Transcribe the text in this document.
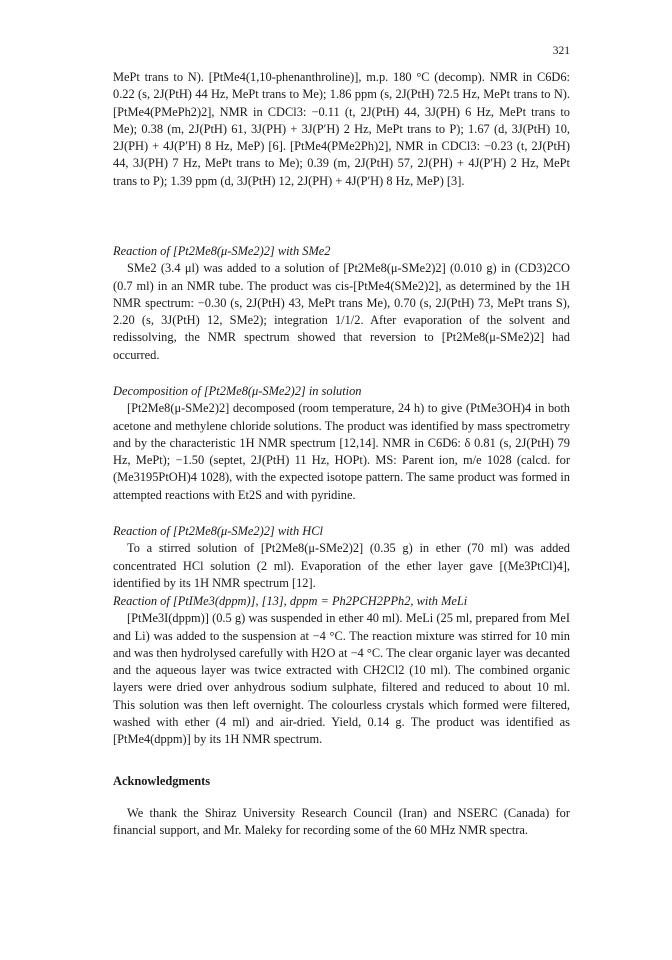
321

MePt trans to N). [PtMe4(1,10-phenanthroline)], m.p. 180 °C (decomp). NMR in C6D6: 0.22 (s, 2J(PtH) 44 Hz, MePt trans to Me); 1.86 ppm (s, 2J(PtH) 72.5 Hz, MePt trans to N). [PtMe4(PMePh2)2], NMR in CDCl3: −0.11 (t, 2J(PtH) 44, 3J(PH) 6 Hz, MePt trans to Me); 0.38 (m, 2J(PtH) 61, 3J(PH) + 3J(P′H) 2 Hz, MePt trans to P); 1.67 (d, 3J(PtH) 10, 2J(PH) + 4J(P′H) 8 Hz, MeP) [6]. [PtMe4(PMe2Ph)2], NMR in CDCl3: −0.23 (t, 2J(PtH) 44, 3J(PH) 7 Hz, MePt trans to Me); 0.39 (m, 2J(PtH) 57, 2J(PH) + 4J(P′H) 2 Hz, MePt trans to P); 1.39 ppm (d, 3J(PtH) 12, 2J(PH) + 4J(P′H) 8 Hz, MeP) [3].

Reaction of [Pt2Me8(μ-SMe2)2] with SMe2

SMe2 (3.4 μl) was added to a solution of [Pt2Me8(μ-SMe2)2] (0.010 g) in (CD3)2CO (0.7 ml) in an NMR tube. The product was cis-[PtMe4(SMe2)2], as determined by the 1H NMR spectrum: −0.30 (s, 2J(PtH) 43, MePt trans Me), 0.70 (s, 2J(PtH) 73, MePt trans S), 2.20 (s, 3J(PtH) 12, SMe2); integration 1/1/2. After evaporation of the solvent and redissolving, the NMR spectrum showed that reversion to [Pt2Me8(μ-SMe2)2] had occurred.

Decomposition of [Pt2Me8(μ-SMe2)2] in solution

[Pt2Me8(μ-SMe2)2] decomposed (room temperature, 24 h) to give (PtMe3OH)4 in both acetone and methylene chloride solutions. The product was identified by mass spectrometry and by the characteristic 1H NMR spectrum [12,14]. NMR in C6D6: δ 0.81 (s, 2J(PtH) 79 Hz, MePt); −1.50 (septet, 2J(PtH) 11 Hz, HOPt). MS: Parent ion, m/e 1028 (calcd. for (Me3195PtOH)4 1028), with the expected isotope pattern. The same product was formed in attempted reactions with Et2S and with pyridine.

Reaction of [Pt2Me8(μ-SMe2)2] with HCl

To a stirred solution of [Pt2Me8(μ-SMe2)2] (0.35 g) in ether (70 ml) was added concentrated HCl solution (2 ml). Evaporation of the ether layer gave [(Me3PtCl)4], identified by its 1H NMR spectrum [12].

Reaction of [PtIMe3(dppm)], [13], dppm = Ph2PCH2PPh2, with MeLi

[PtMe3I(dppm)] (0.5 g) was suspended in ether 40 ml). MeLi (25 ml, prepared from MeI and Li) was added to the suspension at −4 °C. The reaction mixture was stirred for 10 min and was then hydrolysed carefully with H2O at −4 °C. The clear organic layer was decanted and the aqueous layer was twice extracted with CH2Cl2 (10 ml). The combined organic layers were dried over anhydrous sodium sulphate, filtered and reduced to about 10 ml. This solution was then left overnight. The colourless crystals which formed were filtered, washed with ether (4 ml) and air-dried. Yield, 0.14 g. The product was identified as [PtMe4(dppm)] by its 1H NMR spectrum.

Acknowledgments

We thank the Shiraz University Research Council (Iran) and NSERC (Canada) for financial support, and Mr. Maleky for recording some of the 60 MHz NMR spectra.
